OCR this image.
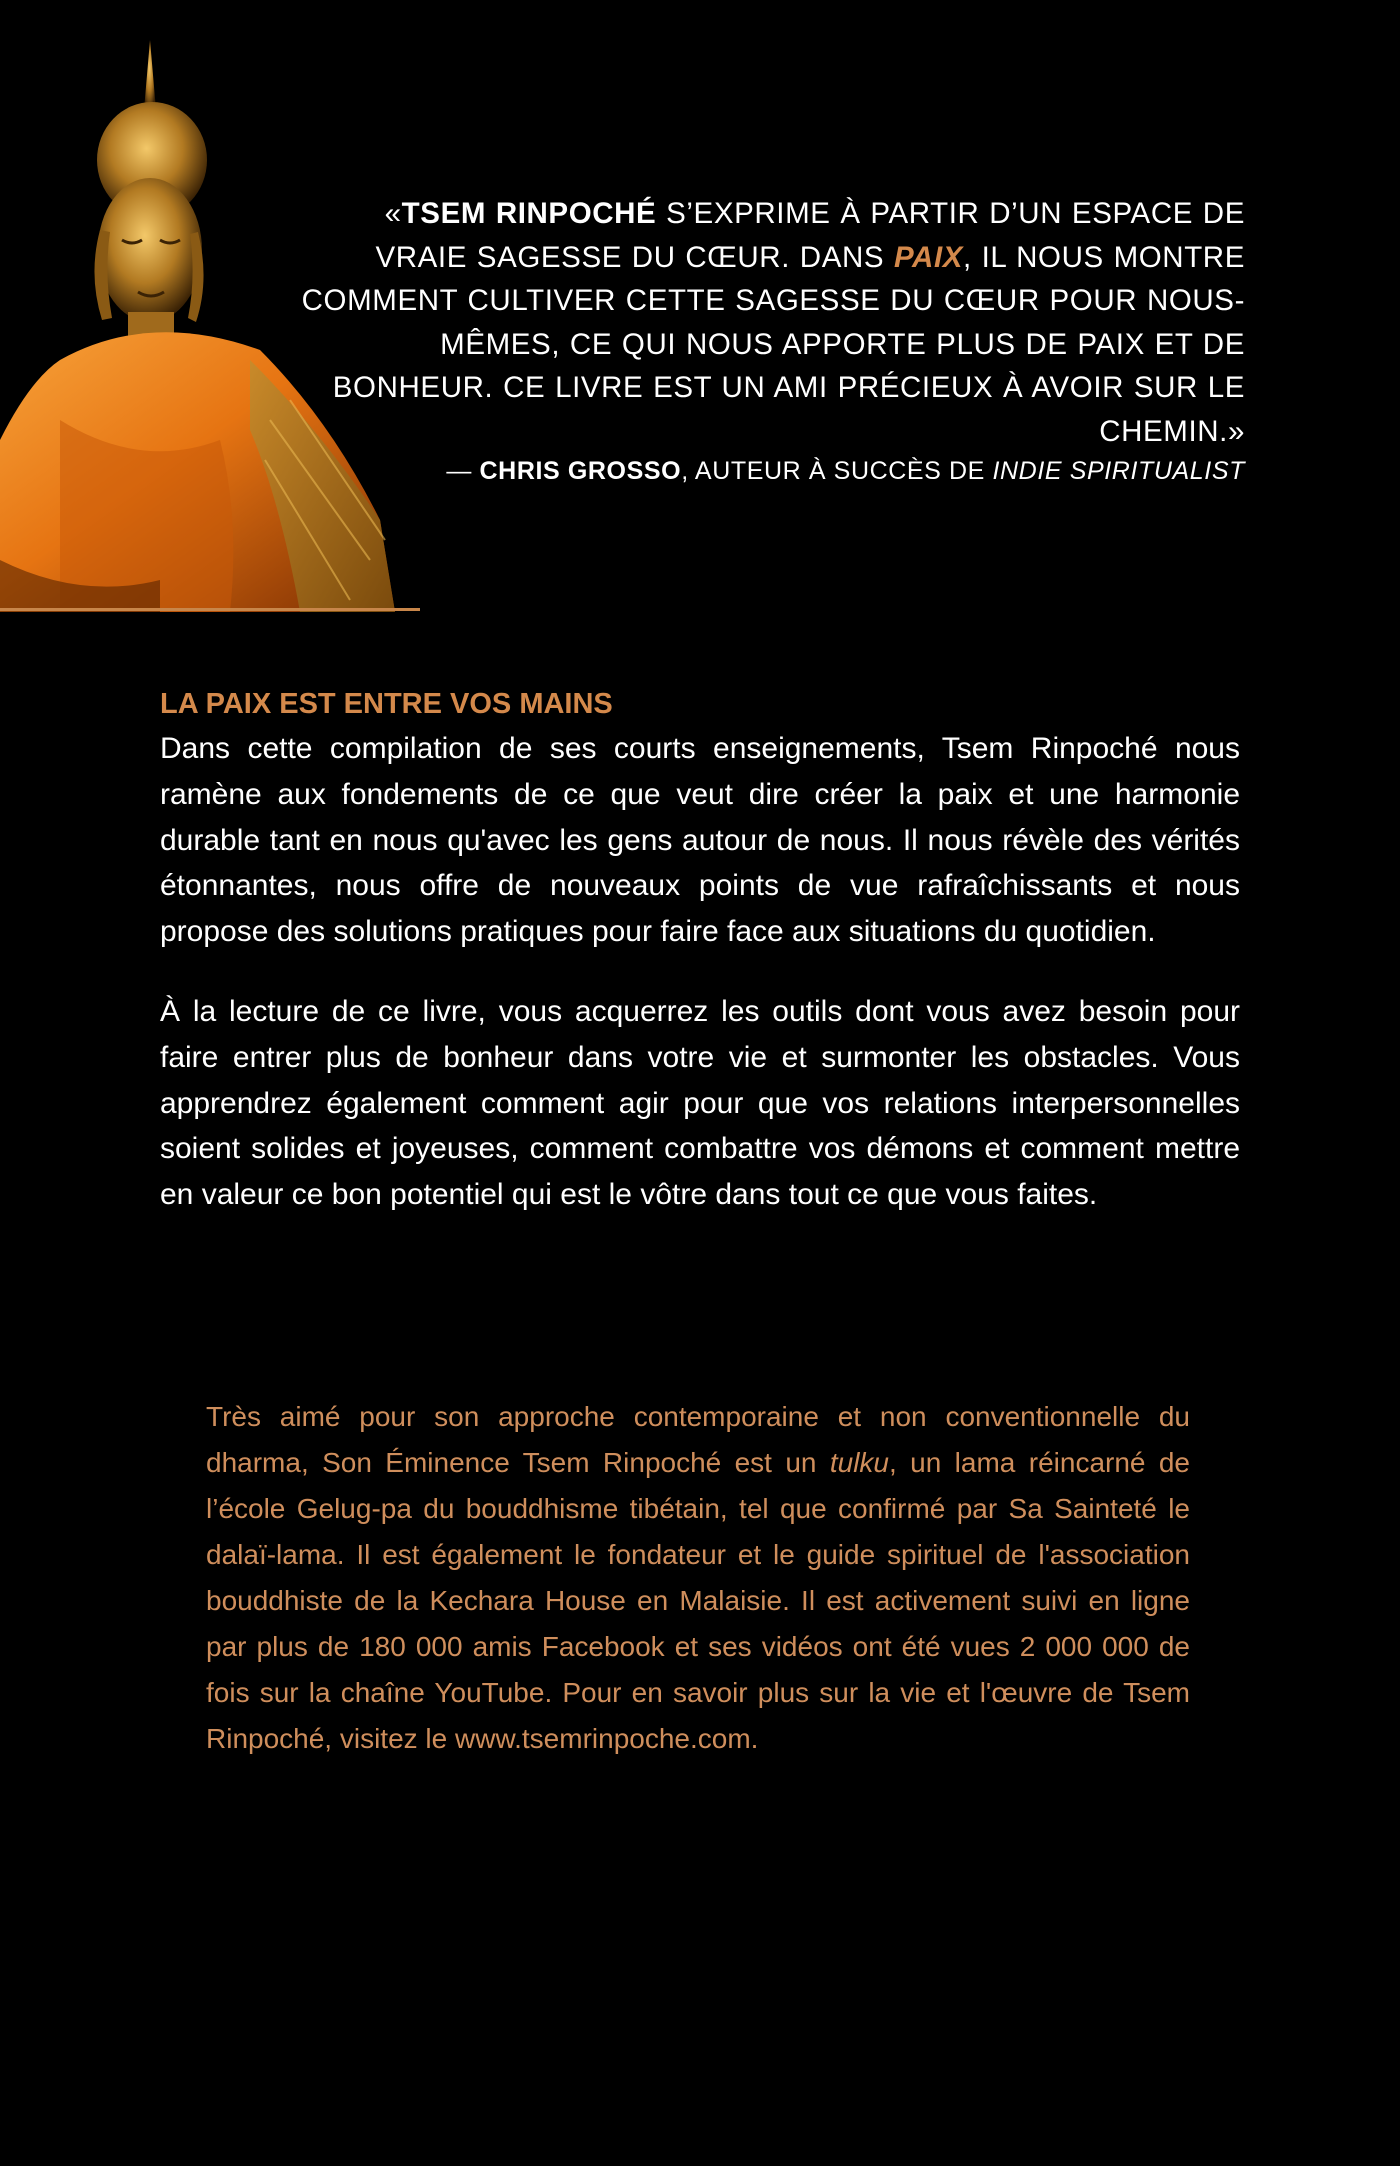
«TSEM RINPOCHÉ S’EXPRIME À PARTIR D’UN ESPACE DE VRAIE SAGESSE DU CŒUR. DANS PAIX, IL NOUS MONTRE COMMENT CULTIVER CETTE SAGESSE DU CŒUR POUR NOUS-MÊMES, CE QUI NOUS APPORTE PLUS DE PAIX ET DE BONHEUR. CE LIVRE EST UN AMI PRÉCIEUX À AVOIR SUR LE CHEMIN.»
— CHRIS GROSSO, AUTEUR À SUCCÈS DE INDIE SPIRITUALIST
LA PAIX EST ENTRE VOS MAINS

Dans cette compilation de ses courts enseignements, Tsem Rinpoché nous ramène aux fondements de ce que veut dire créer la paix et une harmonie durable tant en nous qu'avec les gens autour de nous. Il nous révèle des vérités étonnantes, nous offre de nouveaux points de vue rafraîchissants et nous propose des solutions pratiques pour faire face aux situations du quotidien.

À la lecture de ce livre, vous acquerrez les outils dont vous avez besoin pour faire entrer plus de bonheur dans votre vie et surmonter les obstacles. Vous apprendrez également comment agir pour que vos relations interpersonnelles soient solides et joyeuses, comment combattre vos démons et comment mettre en valeur ce bon potentiel qui est le vôtre dans tout ce que vous faites.

Très aimé pour son approche contemporaine et non conventionnelle du dharma, Son Éminence Tsem Rinpoché est un tulku, un lama réincarné de l’école Gelug-pa du bouddhisme tibétain, tel que confirmé par Sa Sainteté le dalaï-lama. Il est également le fondateur et le guide spirituel de l'association bouddhiste de la Kechara House en Malaisie. Il est activement suivi en ligne par plus de 180 000 amis Facebook et ses vidéos ont été vues 2 000 000 de fois sur la chaîne YouTube. Pour en savoir plus sur la vie et l'œuvre de Tsem Rinpoché, visitez le www.tsemrinpoche.com.
